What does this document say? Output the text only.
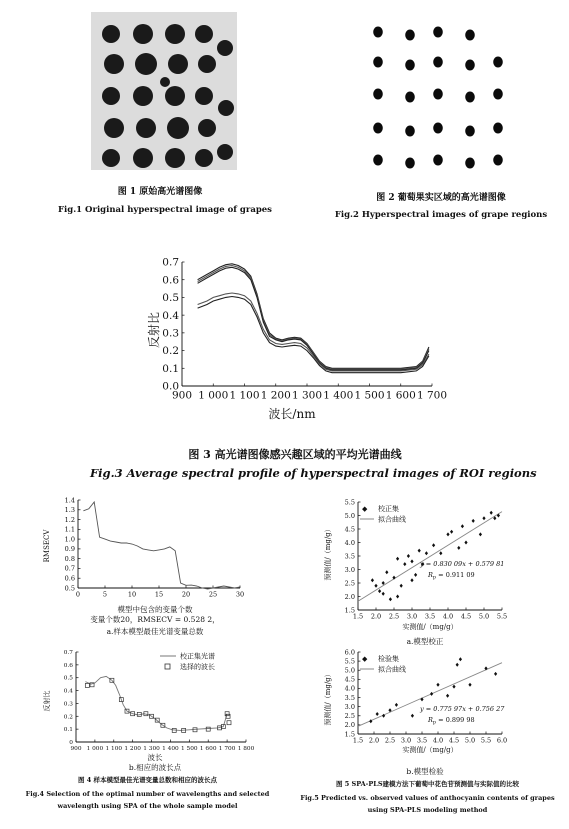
图 1 原始高光谱图像
Fig.1 Original hyperspectral image of grapes
图 2 葡萄果实区域的高光谱图像
Fig.2 Hyperspectral images of grape regions
900 1 000 1 100 1 200 1 300 1 400 1 500 1 600 1 700
0.0
0.1
0.2
0.3
0.4
0.5
0.6
0.7
波长/nm
反射比
图 3 高光谱图像感兴趣区域的平均光谱曲线
Fig.3 Average spectral profile of hyperspectral images of ROI regions
0	5	10	15	20	25	30
0.5
0.6
0.7
0.8
0.9
1.0
1.1
1.2
1.3
1.4
RMSECV
模型中包含的变量个数
变量个数20，RMSECV = 0.528 2，
a.样本模型最佳光谱变量总数
900 1 000 1 100 1 200 1 300 1 400 1 500 1 600 1 700 1 800
0
0.1
0.2
0.3
0.4
0.5
0.6
0.7
反射比
校正集光谱
选择的波长
波长
b.相应的波长点
图 4 样本模型最佳光谱变量总数和相应的波长点
Fig.4 Selection of the optimal number of wavelengths and selected
wavelength using SPA of the whole sample model
1.5 2.0 2.5 3.0 3.5 4.0 4.5 5.0 5.5
1.5
2.0
2.5
3.0
3.5
4.0
4.5
5.0
5.5
预测值/（mg/g）
实测值/（mg/g）
◆ 校正集
拟合曲线
y = 0.830 09x + 0.579 81
$R_p = 0.911$ 09
a.模型校正
1.5 2.0 2.5 3.0 3.5 4.0 4.5 5.0 5.5 6.0
1.5
2.0
2.5
3.0
3.5
4.0
4.5
5.0
5.5
6.0
预测值/（mg/g）
实测值/（mg/g）
◆ 检验集
拟合曲线
y = 0.775 97x + 0.756 27
$R_p = 0.899$ 98
b.模型检验
图 5 SPA-PLS建模方法下葡萄中花色苷预测值与实际值的比较
Fig.5 Predicted vs. observed values of anthocyanin contents of grapes
using SPA-PLS modeling method
